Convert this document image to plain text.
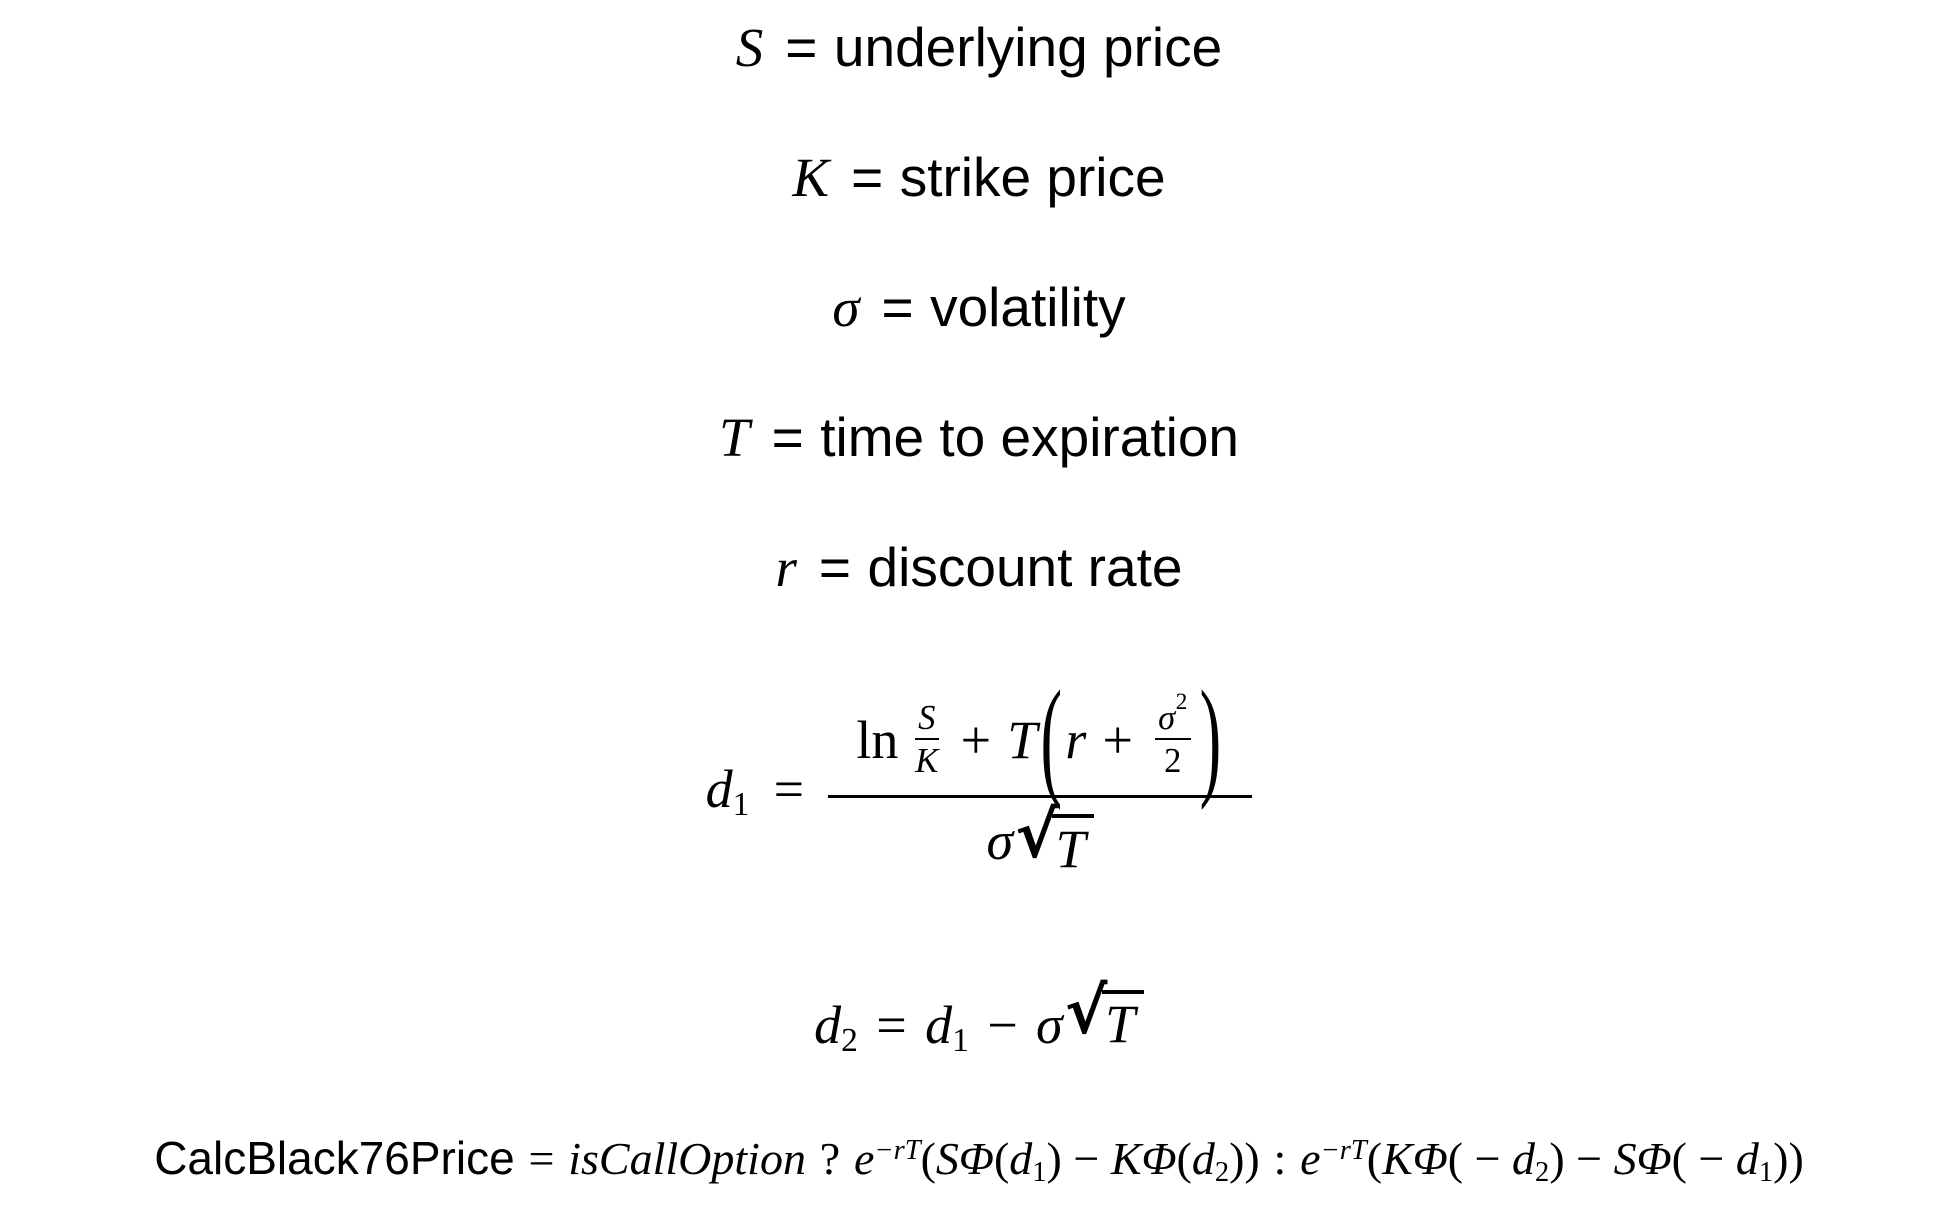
S = underlying price
K = strike price
σ = volatility
T = time to expiration
r = discount rate
d1 =
$\ln \frac{S}{K} + T$ ( $r + \frac{\sigma 2}{2}$ )
σ √
T
d2 = d1 − σ √
T
CalcBlack76Price = isCallOption ? $e^{-rT}(S\Phi(d1) - K\Phi(d2))$ : $e^{-rT}(K\Phi( - d2) - S\Phi( - d1))$
